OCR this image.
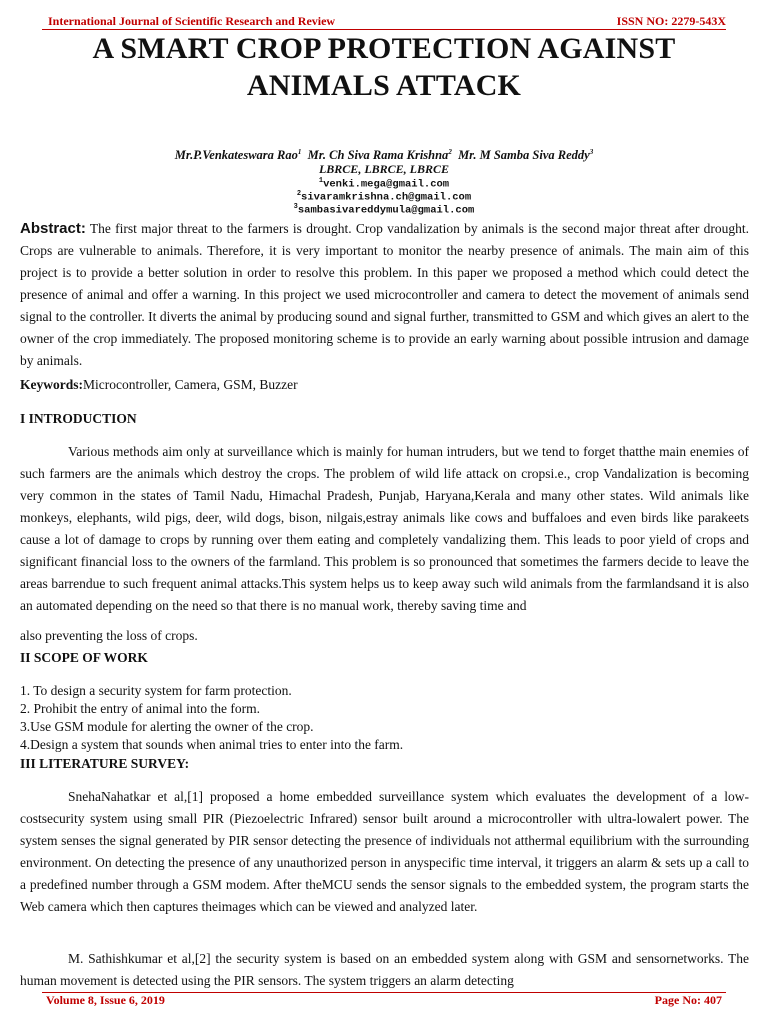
International Journal of Scientific Research and Review	ISSN NO: 2279-543X
A SMART CROP PROTECTION AGAINST
ANIMALS ATTACK
Mr.P.Venkateswara Rao$^1$ Mr. Ch Siva Rama Krishna$^2$ Mr. M Samba Siva Reddy$^3$
LBRCE, LBRCE, LBRCE
$^1$venki.mega@gmail.com
$^2$sivaramkrishna.ch@gmail.com
$^3$sambasivareddymula@gmail.com
Abstract: The first major threat to the farmers is drought. Crop vandalization by animals is the second major threat after drought. Crops are vulnerable to animals. Therefore, it is very important to monitor the nearby presence of animals. The main aim of this project is to provide a better solution in order to resolve this problem. In this paper we proposed a method which could detect the presence of animal and offer a warning. In this project we used microcontroller and camera to detect the movement of animals send signal to the controller. It diverts the animal by producing sound and signal further, transmitted to GSM and which gives an alert to the owner of the crop immediately. The proposed monitoring scheme is to provide an early warning about possible intrusion and damage by animals.
Keywords:Microcontroller, Camera, GSM, Buzzer
I INTRODUCTION
Various methods aim only at surveillance which is mainly for human intruders, but we tend to forget thatthe main enemies of such farmers are the animals which destroy the crops. The problem of wild life attack on cropsi.e., crop Vandalization is becoming very common in the states of Tamil Nadu, Himachal Pradesh, Punjab, Haryana,Kerala and many other states. Wild animals like monkeys, elephants, wild pigs, deer, wild dogs, bison, nilgais,estray animals like cows and buffaloes and even birds like parakeets cause a lot of damage to crops by running over them eating and completely vandalizing them. This leads to poor yield of crops and significant financial loss to the owners of the farmland. This problem is so pronounced that sometimes the farmers decide to leave the areas barrendue to such frequent animal attacks.This system helps us to keep away such wild animals from the farmlandsand it is also an automated depending on the need so that there is no manual work, thereby saving time and
also preventing the loss of crops.
II SCOPE OF WORK
1. To design a security system for farm protection.
2. Prohibit the entry of animal into the form.
3.Use GSM module for alerting the owner of the crop.
4.Design a system that sounds when animal tries to enter into the farm.
III LITERATURE SURVEY:
SnehaNahatkar et al,[1] proposed a home embedded surveillance system which evaluates the development of a low-costsecurity system using small PIR (Piezoelectric Infrared) sensor built around a microcontroller with ultra-lowalert power. The system senses the signal generated by PIR sensor detecting the presence of individuals not atthermal equilibrium with the surrounding environment. On detecting the presence of any unauthorized person in anyspecific time interval, it triggers an alarm & sets up a call to a predefined number through a GSM modem. After theMCU sends the sensor signals to the embedded system, the program starts the Web camera which then captures theimages which can be viewed and analyzed later.
M. Sathishkumar et al,[2] the security system is based on an embedded system along with GSM and sensornetworks. The human movement is detected using the PIR sensors. The system triggers an alarm detecting
Volume 8, Issue 6, 2019	Page No: 407
